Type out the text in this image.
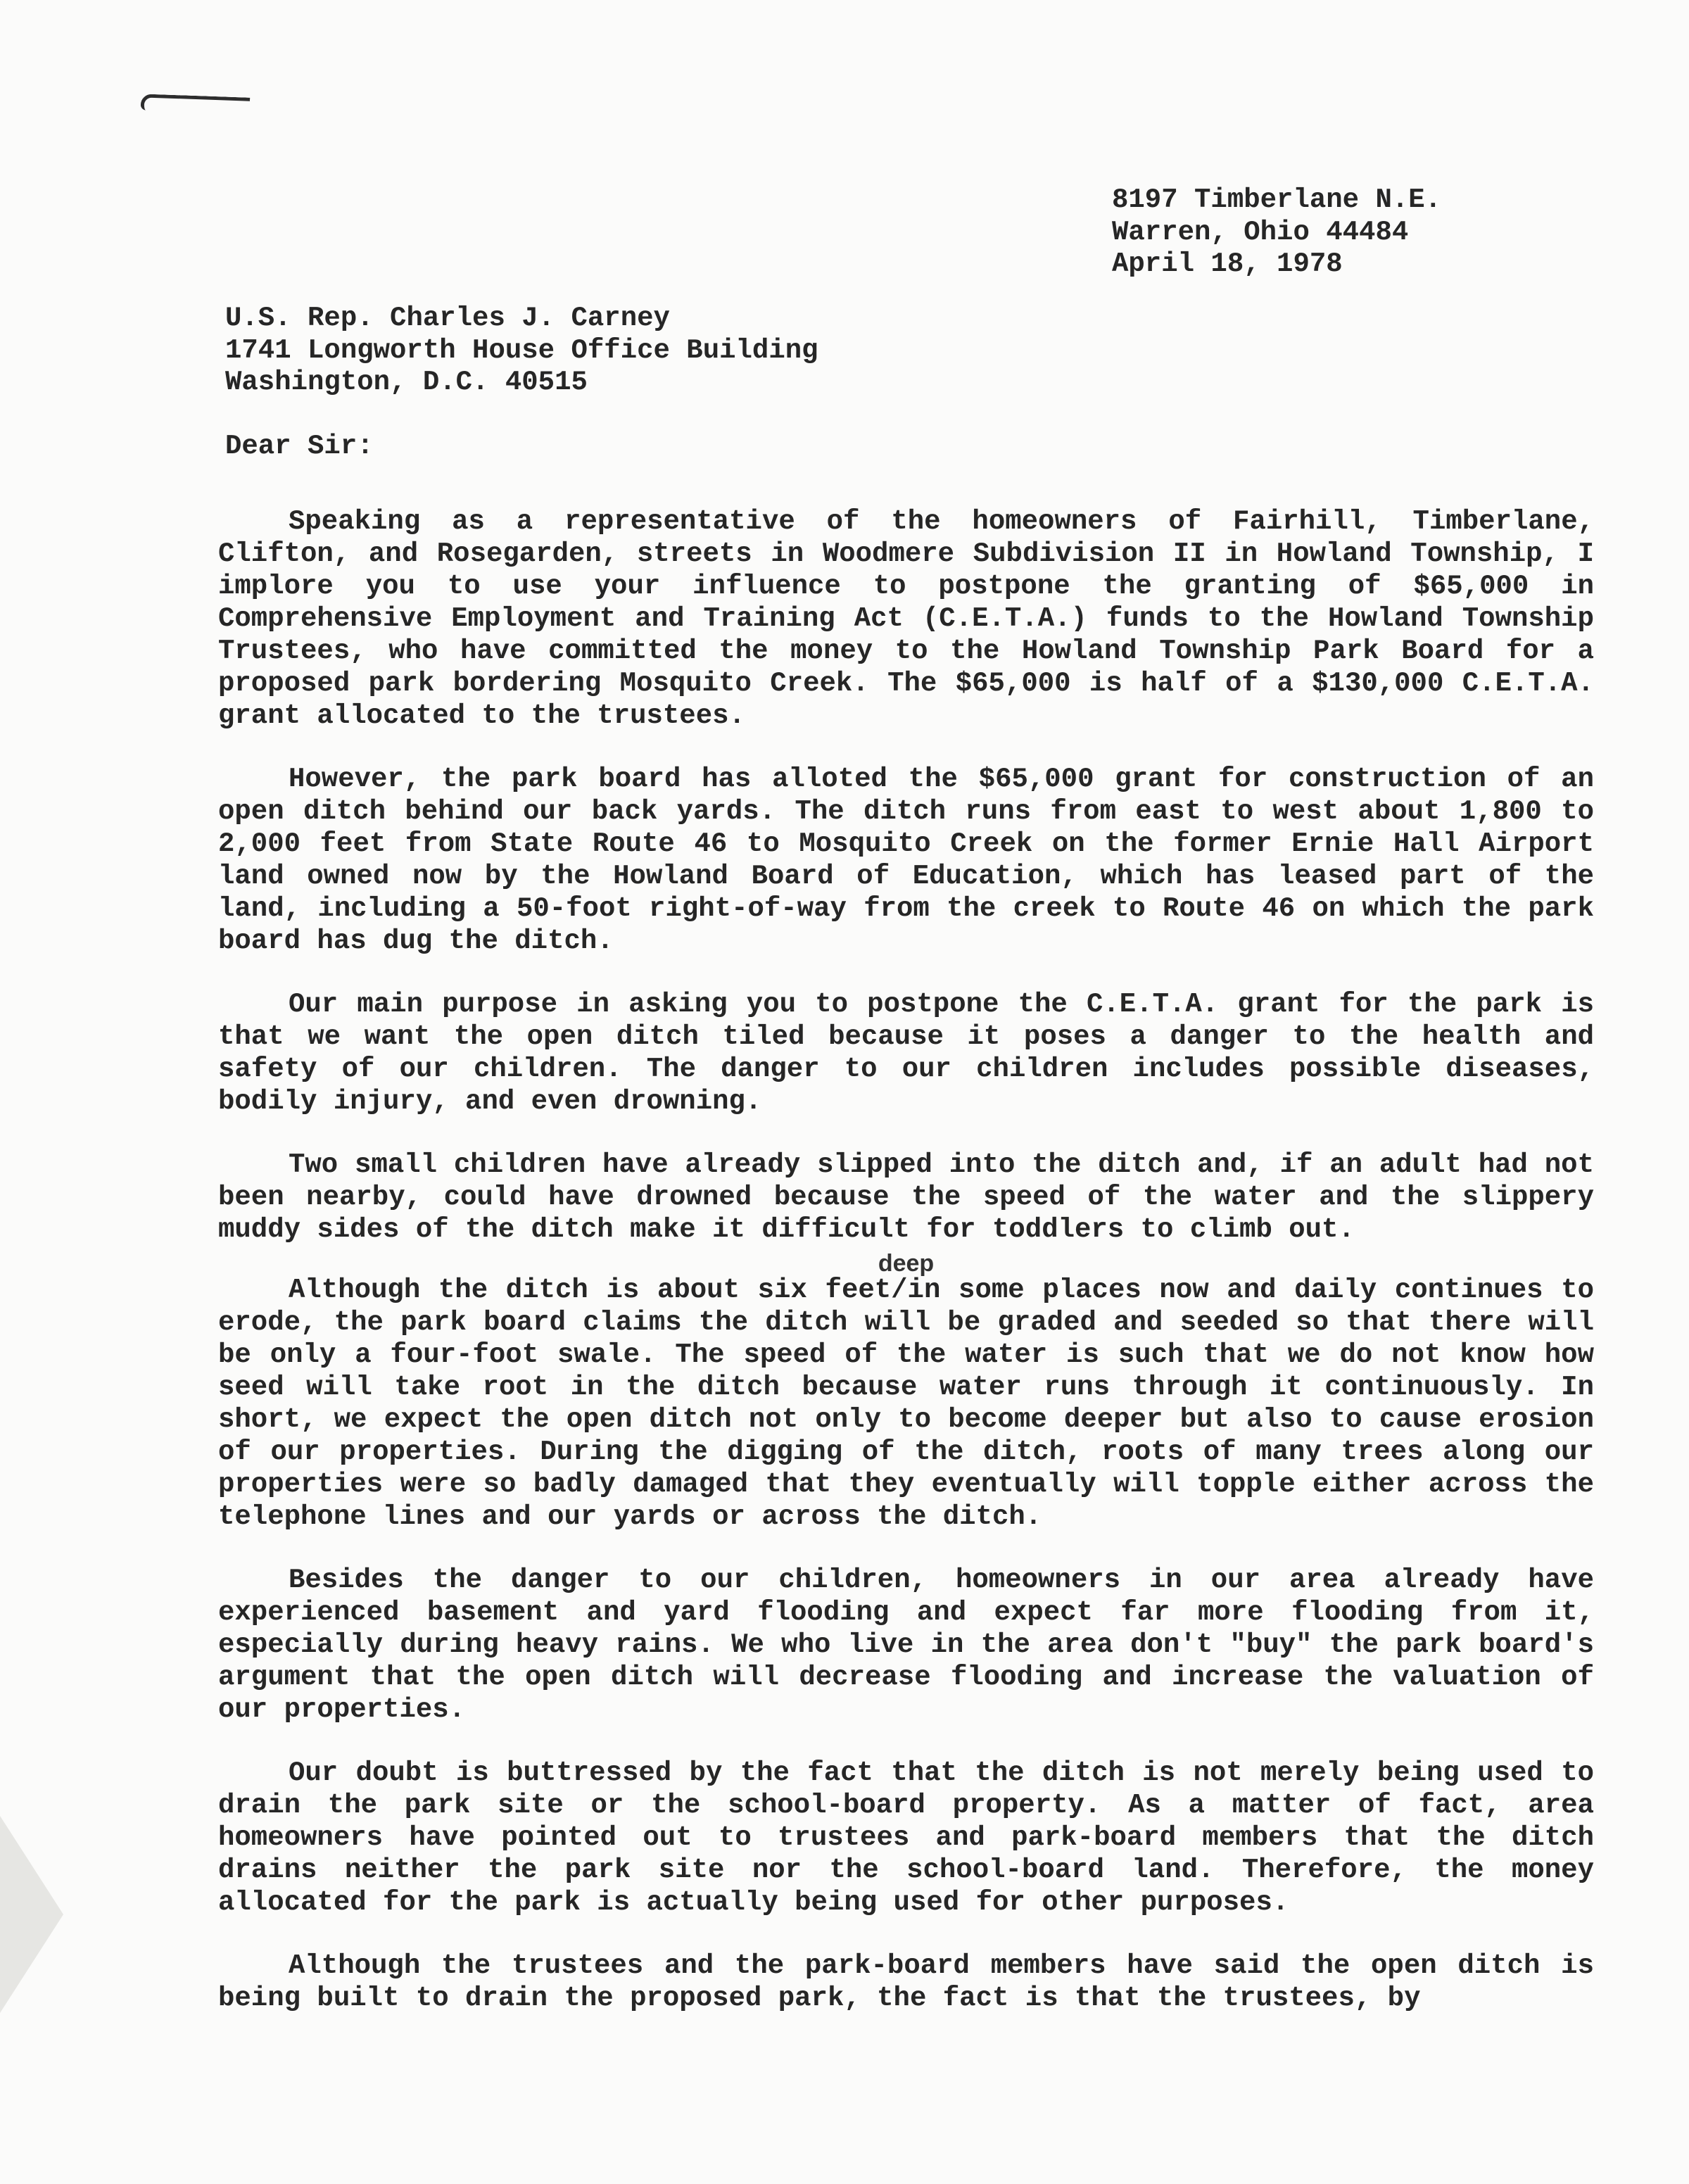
8197 Timberlane N.E.
Warren, Ohio 44484
April 18, 1978
U.S. Rep. Charles J. Carney
1741 Longworth House Office Building
Washington, D.C. 40515
Dear Sir:

Speaking as a representative of the homeowners of Fairhill, Timberlane, Clifton, and Rosegarden, streets in Woodmere Subdivision II in Howland Township, I implore you to use your influence to postpone the granting of $65,000 in Comprehensive Employment and Training Act (C.E.T.A.) funds to the Howland Township Trustees, who have committed the money to the Howland Township Park Board for a proposed park bordering Mosquito Creek. The $65,000 is half of a $130,000 C.E.T.A. grant allocated to the trustees.

However, the park board has alloted the $65,000 grant for construction of an open ditch behind our back yards. The ditch runs from east to west about 1,800 to 2,000 feet from State Route 46 to Mosquito Creek on the former Ernie Hall Airport land owned now by the Howland Board of Education, which has leased part of the land, including a 50-foot right-of-way from the creek to Route 46 on which the park board has dug the ditch.

Our main purpose in asking you to postpone the C.E.T.A. grant for the park is that we want the open ditch tiled because it poses a danger to the health and safety of our children. The danger to our children includes possible diseases, bodily injury, and even drowning.

Two small children have already slipped into the ditch and, if an adult had not been nearby, could have drowned because the speed of the water and the slippery muddy sides of the ditch make it difficult for toddlers to climb out.

deep

Although the ditch is about six feet/in some places now and daily continues to erode, the park board claims the ditch will be graded and seeded so that there will be only a four-foot swale. The speed of the water is such that we do not know how seed will take root in the ditch because water runs through it continuously. In short, we expect the open ditch not only to become deeper but also to cause erosion of our properties. During the digging of the ditch, roots of many trees along our properties were so badly damaged that they eventually will topple either across the telephone lines and our yards or across the ditch.

Besides the danger to our children, homeowners in our area already have experienced basement and yard flooding and expect far more flooding from it, especially during heavy rains. We who live in the area don't "buy" the park board's argument that the open ditch will decrease flooding and increase the valuation of our properties.

Our doubt is buttressed by the fact that the ditch is not merely being used to drain the park site or the school-board property. As a matter of fact, area homeowners have pointed out to trustees and park-board members that the ditch drains neither the park site nor the school-board land. Therefore, the money allocated for the park is actually being used for other purposes.

Although the trustees and the park-board members have said the open ditch is being built to drain the proposed park, the fact is that the trustees, by
